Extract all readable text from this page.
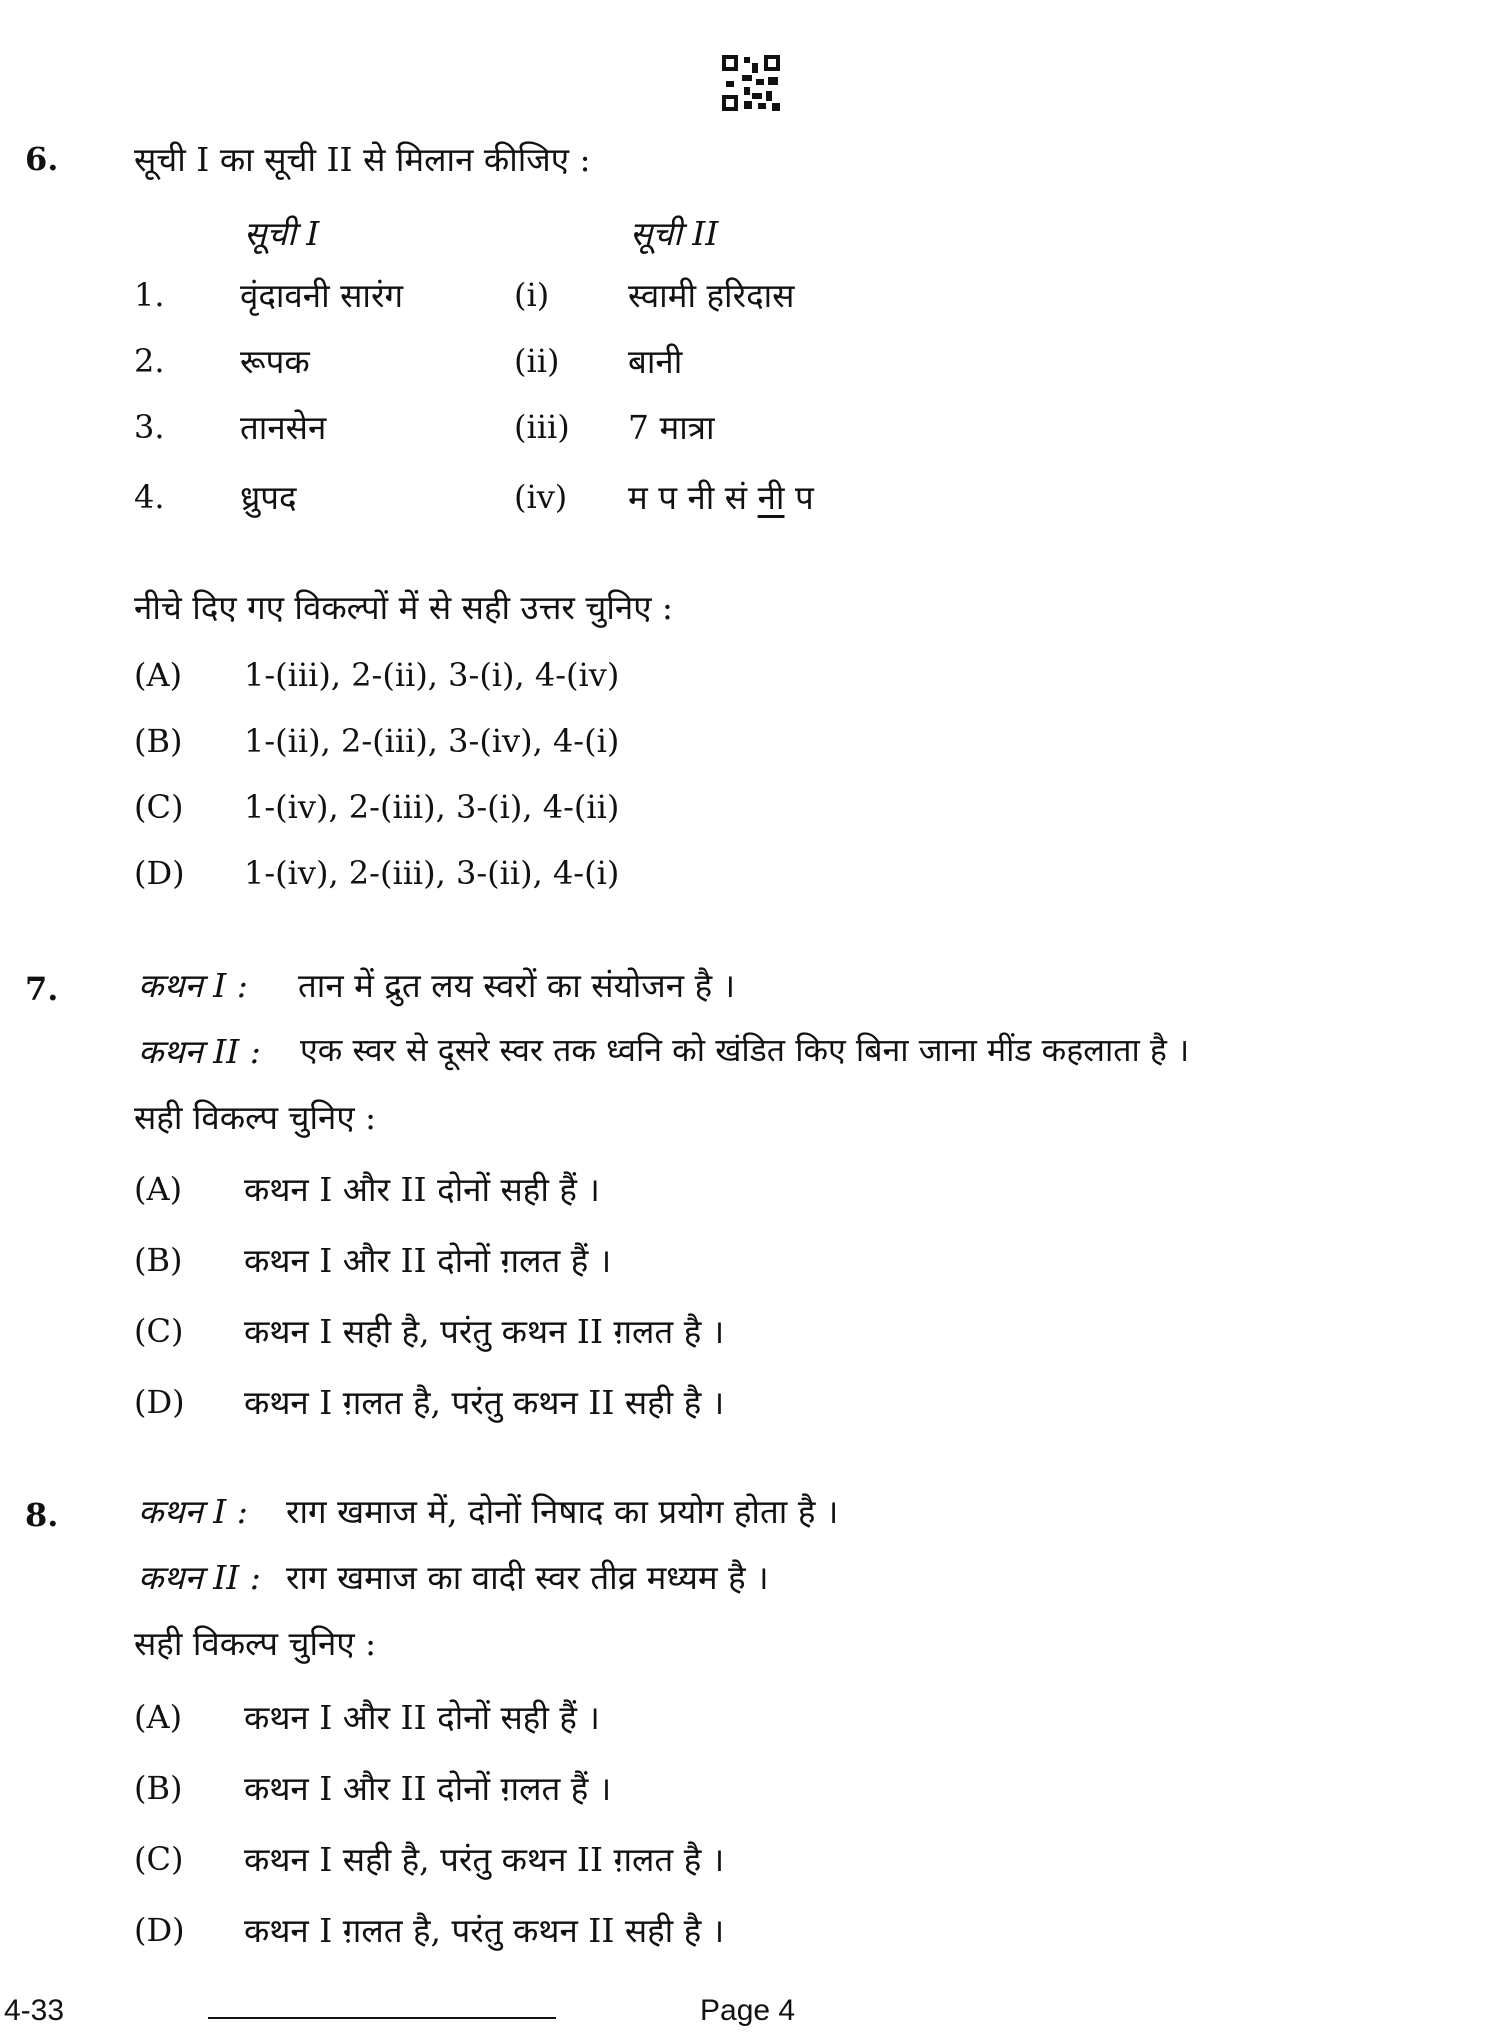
6. सूची I का सूची II से मिलान कीजिए :
सूची I	सूची II
1. वृंदावनी सारंग	(i) स्वामी हरिदास
2. रूपक	(ii) बानी
3. तानसेन	(iii) 7 मात्रा
4. ध्रुपद	(iv) म प नी सं नी प
नीचे दिए गए विकल्पों में से सही उत्तर चुनिए :
(A) 1-(iii), 2-(ii), 3-(i), 4-(iv)
(B) 1-(ii), 2-(iii), 3-(iv), 4-(i)
(C) 1-(iv), 2-(iii), 3-(i), 4-(ii)
(D) 1-(iv), 2-(iii), 3-(ii), 4-(i)
7. कथन I : तान में द्रुत लय स्वरों का संयोजन है ।
कथन II : एक स्वर से दूसरे स्वर तक ध्वनि को खंडित किए बिना जाना मींड कहलाता है ।
सही विकल्प चुनिए :
(A) कथन I और II दोनों सही हैं ।
(B) कथन I और II दोनों ग़लत हैं ।
(C) कथन I सही है, परंतु कथन II ग़लत है ।
(D) कथन I ग़लत है, परंतु कथन II सही है ।
8. कथन I : राग खमाज में, दोनों निषाद का प्रयोग होता है ।
कथन II : राग खमाज का वादी स्वर तीव्र मध्यम है ।
सही विकल्प चुनिए :
(A) कथन I और II दोनों सही हैं ।
(B) कथन I और II दोनों ग़लत हैं ।
(C) कथन I सही है, परंतु कथन II ग़लत है ।
(D) कथन I ग़लत है, परंतु कथन II सही है ।
4-33	Page 4
